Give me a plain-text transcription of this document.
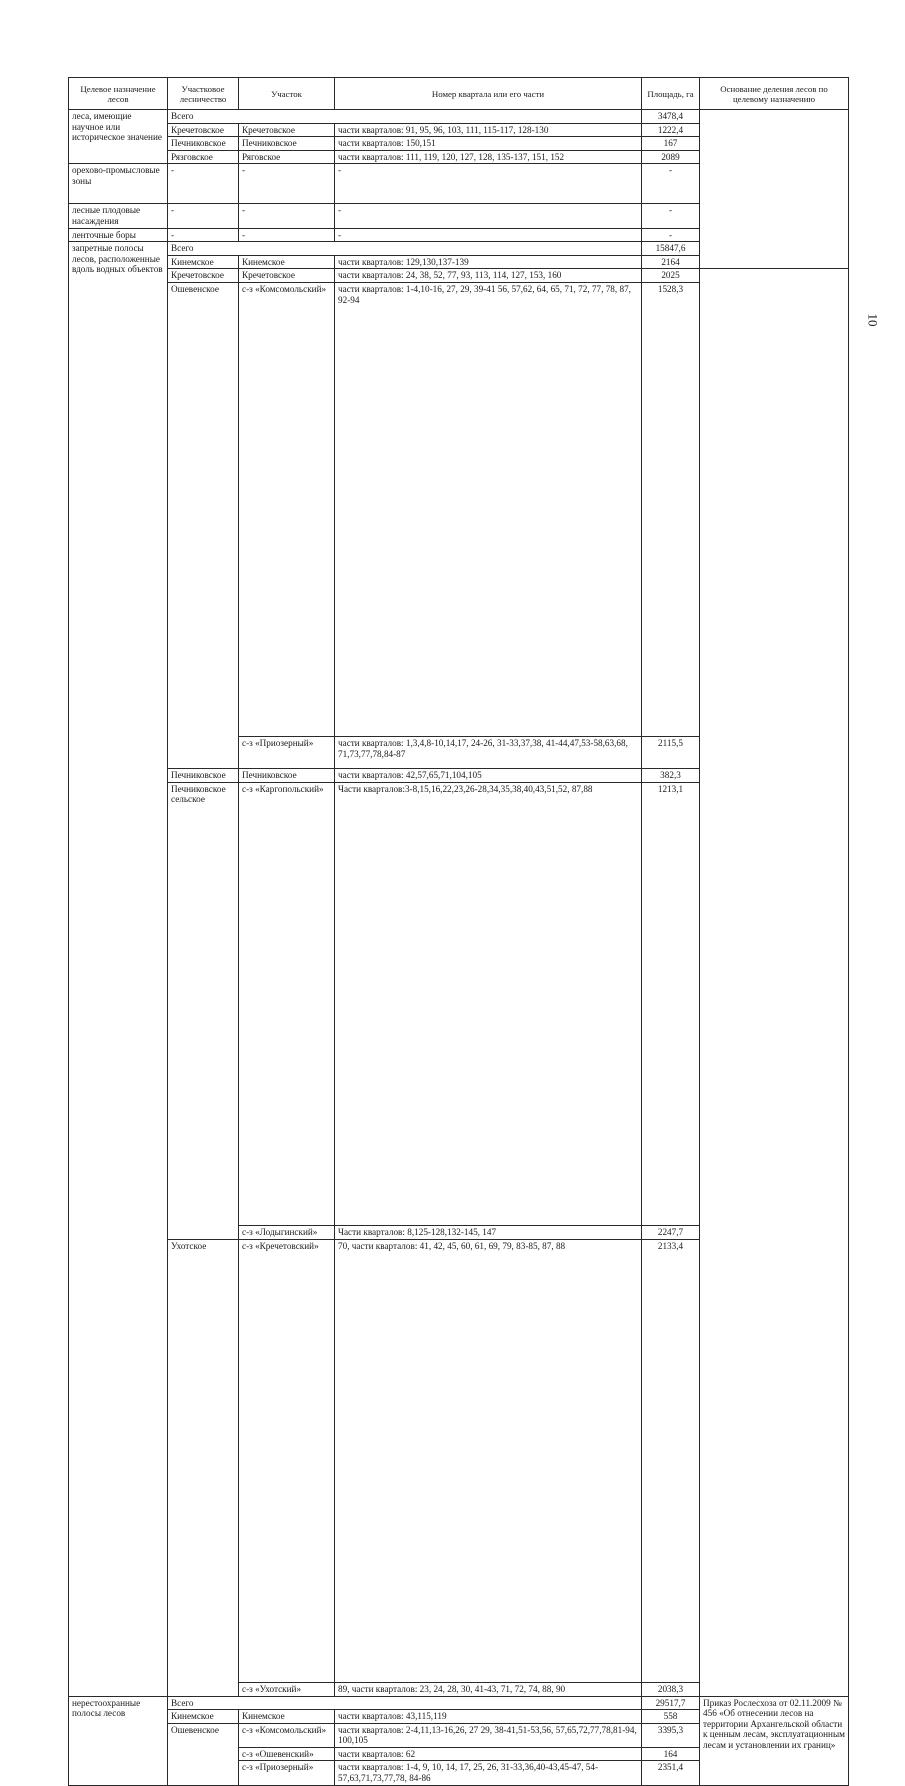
Целевое назначение лесов	Участковое лесничество	Участок	Номер квартала или его части	Площадь, га	Основание деления лесов по целевому назначению	
леса, имеющие научное или историческое значение	Всего			3478,4		
	Кречетовское	Кречетовское	части кварталов: 91, 95, 96, 103, 111, 115-117, 128-130	1222,4		
	Печниковское	Печниковское	части кварталов: 150,151	167		
	Рязговское	Ряговское	части кварталов: 111, 119, 120, 127, 128, 135-137, 151, 152	2089		
орехово-промысловые зоны	-	-	-	-		
лесные плодовые насаждения	-	-	-	-		
ленточные боры	-	-	-	-		
запретные полосы лесов, расположенные вдоль водных объектов	Всего			15847,6	
	Кинемское	Кинемское	части кварталов: 129,130,137-139	2164		
	Кречетовское	Кречетовское	части кварталов: 24, 38, 52, 77, 93, 113, 114, 127, 153, 160	2025		
	Ошевенское	с-з «Комсомольский»	части кварталов: 1-4,10-16, 27, 29, 39-41 56, 57,62, 64, 65, 71, 72, 77, 78, 87, 92-94	1528,3		
		с-з «Приозерный»	части кварталов: 1,3,4,8-10,14,17, 24-26, 31-33,37,38, 41-44,47,53-58,63,68, 71,73,77,78,84-87	2115,5		
	Печниковское	Печниковское	части кварталов: 42,57,65,71,104,105	382,3		
	Печниковское сельское	с-з «Каргопольский»	Части кварталов:3-8,15,16,22,23,26-28,34,35,38,40,43,51,52, 87,88	1213,1		
		с-з «Лодыгинский»	Части кварталов: 8,125-128,132-145, 147	2247,7		
	Ухотское	с-з «Кречетовский»	70, части кварталов: 41, 42, 45, 60, 61, 69, 79, 83-85, 87, 88	2133,4		
		с-з «Ухотский»	89, части кварталов: 23, 24, 28, 30, 41-43, 71, 72, 74, 88, 90	2038,3		
нерестоохранные полосы лесов	Всего			29517,7	Приказ Рослесхоза от 02.11.2009 № 456 «Об отнесении лесов на территории Архангельской области к ценным лесам, эксплуатационным лесам и установлении их границ»	
	Кинемское	Кинемское	части кварталов: 43,115,119	558		
	Ошевенское	с-з «Комсомольский»	части кварталов: 2-4,11,13-16,26, 27 29, 38-41,51-53,56, 57,65,72,77,78,81-94, 100,105	3395,3		
		с-з «Ошевенский»	части кварталов: 62	164		
		с-з «Приозерный»	части кварталов: 1-4, 9, 10, 14, 17, 25, 26, 31-33,36,40-43,45-47, 54-57,63,71,73,77,78, 84-86	2351,4		
10
